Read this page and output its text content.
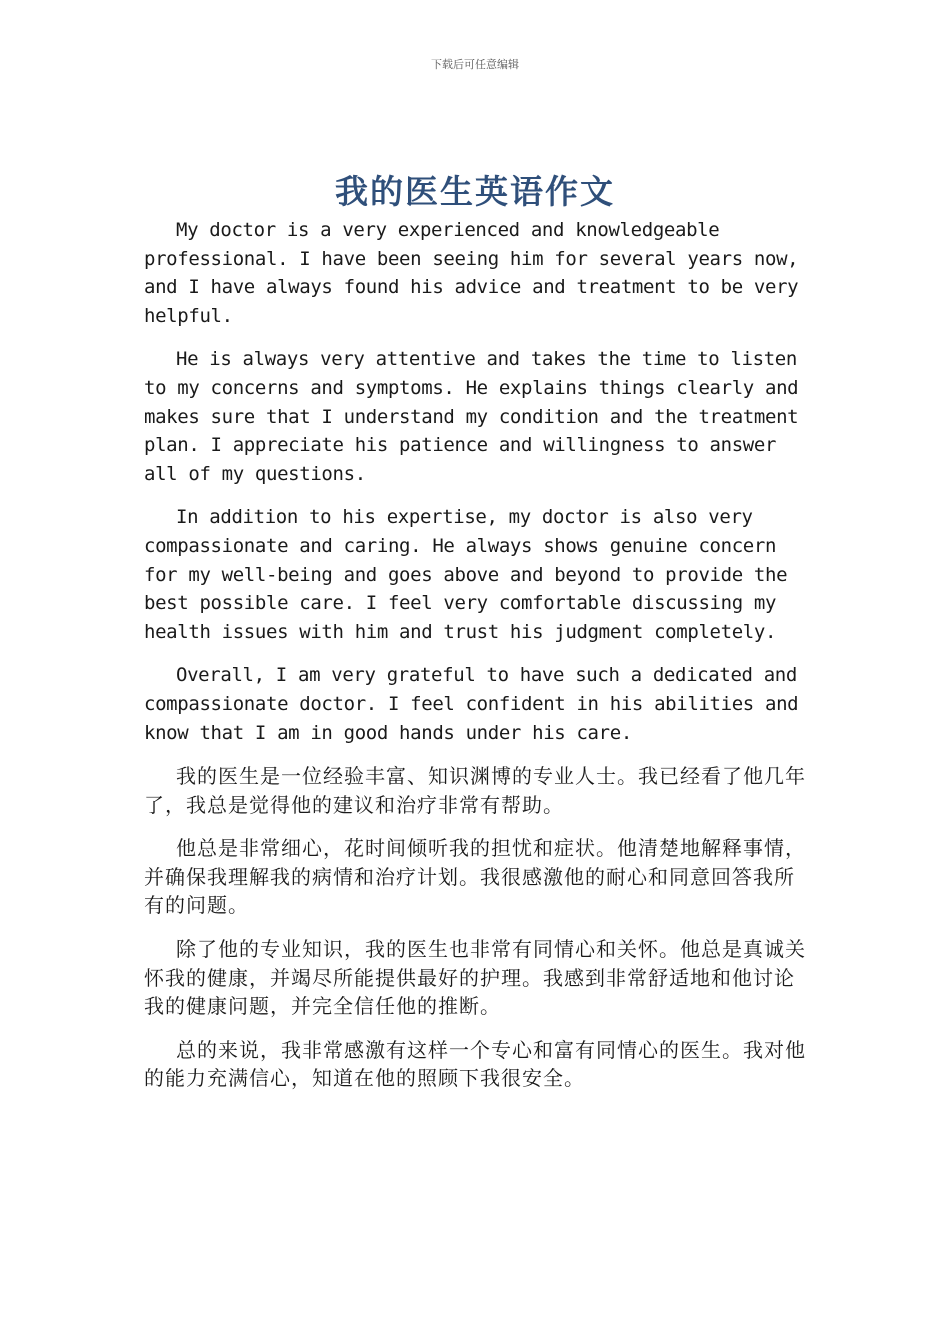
下载后可任意编辑
我的医生英语作文

My doctor is a very experienced and knowledgeable professional. I have been seeing him for several years now, and I have always found his advice and treatment to be very helpful.

He is always very attentive and takes the time to listen to my concerns and symptoms. He explains things clearly and makes sure that I understand my condition and the treatment plan. I appreciate his patience and willingness to answer all of my questions.

In addition to his expertise, my doctor is also very compassionate and caring. He always shows genuine concern for my well-being and goes above and beyond to provide the best possible care. I feel very comfortable discussing my health issues with him and trust his judgment completely.

Overall, I am very grateful to have such a dedicated and compassionate doctor. I feel confident in his abilities and know that I am in good hands under his care.

我的医生是一位经验丰富、知识渊博的专业人士。我已经看了他几年了，我总是觉得他的建议和治疗非常有帮助。

他总是非常细心，花时间倾听我的担忧和症状。他清楚地解释事情，并确保我理解我的病情和治疗计划。我很感激他的耐心和同意回答我所有的问题。

除了他的专业知识，我的医生也非常有同情心和关怀。他总是真诚关怀我的健康，并竭尽所能提供最好的护理。我感到非常舒适地和他讨论我的健康问题，并完全信任他的推断。

总的来说，我非常感激有这样一个专心和富有同情心的医生。我对他的能力充满信心，知道在他的照顾下我很安全。
